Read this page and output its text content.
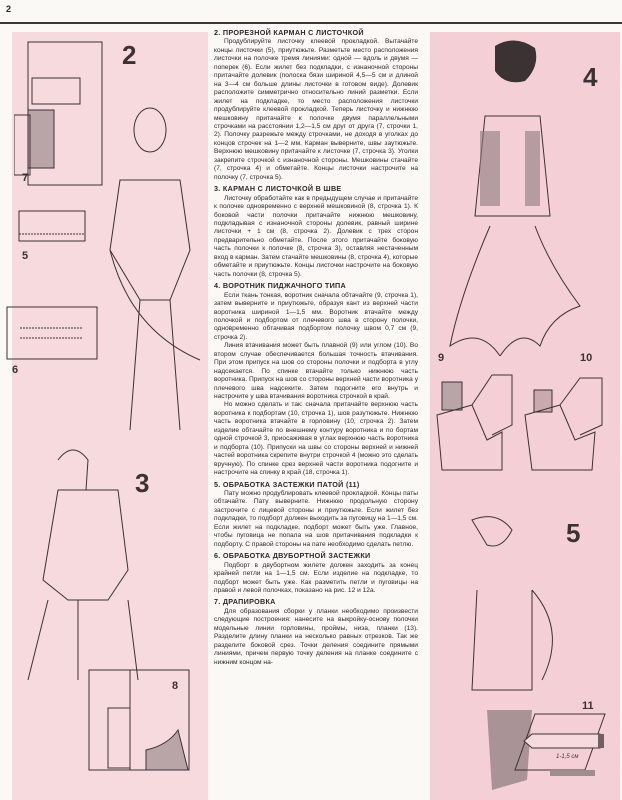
2
2
7
5
6
3
8
2. ПРОРЕЗНОЙ КАРМАН С ЛИСТОЧКОЙ

Продублируйте листочку клеевой прокладкой. Вытачайте концы листочки (5), приутюжьте. Разметьте место расположения листочки на полочке тремя линиями: одной — вдоль и двумя — поперек (6). Если жилет без подкладки, с изнаночной стороны притачайте долевик (полоска бязи шириной 4,5—5 см и длиной на 3—4 см больше длины листочки в готовом виде). Долевик расположите симметрично относительно линий разметки. Если жилет на подкладке, то место расположения листочки продублируйте клеевой прокладкой. Теперь листочку и нижнюю мешковину притачайте к полочке двумя параллельными строчками на расстоянии 1,2—1,5 см друг от друга (7, строчки 1, 2). Полочку разрежьте между строчками, не доходя в уголках до концов строчек на 1—2 мм. Карман выверните, швы заутюжьте. Верхнюю мешковину притачайте к листочке (7, строчка 3). Уголки закрепите строчкой с изнаночной стороны. Мешковины стачайте (7, строчка 4) и обметайте. Концы листочки настрочите на полочку (7, строчка 5).

3. КАРМАН С ЛИСТОЧКОЙ В ШВЕ

Листочку обработайте как в предыдущем случае и притачайте к полочке одновременно с верхней мешковиной (8, строчка 1). К боковой части полочки притачайте нижнюю мешковину, подкладывая с изнаночной стороны долевик, равный ширине листочки + 1 см (8, строчка 2). Долевик с трех сторон предварительно обметайте. После этого притачайте боковую часть полочки к полочке (8, строчка 3), оставляя нестаченным вход в карман. Затем стачайте мешковины (8, строчка 4), которые обметайте и приутюжьте. Концы листочки настрочите на боковую часть полочки (8, строчка 5).

4. ВОРОТНИК ПИДЖАЧНОГО ТИПА

Если ткань тонкая, воротник сначала обтачайте (9, строчка 1), затем выверните и приутюжьте, образуя кант из верхней части воротника шириной 1—1,5 мм. Воротник втачайте между полочкой и подбортом от плечевого шва в сторону полочки, одновременно обтачивая подбортом полочку швом 0,7 см (9, строчка 2).

Линия втачивания может быть плавной (9) или углом (10). Во втором случае обеспечивается большая точность втачивания. При этом припуск на шов со стороны полочки и подборта в углу надсекается. По спинке втачайте только нижнюю часть воротника. Припуск на шов со стороны верхней части воротника у плечевого шва надсеките. Затем подогните его внутрь и настрочите у шва втачивания воротника строчкой в край.

Но можно сделать и так: сначала притачайте верхнюю часть воротника к подбортам (10, строчка 1), шов разутюжьте. Нижнюю часть воротника втачайте в горловину (10, строчка 2). Затем изделие обтачайте по внешнему контуру воротника и по бортам одной строчкой 3, приосаживая в углах верхнюю часть воротника и подборта (10). Припуски на швы со стороны верхней и нижней частей воротника скрепите внутри строчкой 4 (можно это сделать вручную). По спинке срез верхней части воротника подогните и настрочите на спинку в край (18, строчка 1).

5. ОБРАБОТКА ЗАСТЕЖКИ ПАТОЙ (11)

Пату можно продублировать клеевой прокладкой. Концы паты обтачайте. Пату выверните. Нижнюю продольную сторону застрочите с лицевой стороны и приутюжьте. Если жилет без подкладки, то подборт должен выходить за пуговицу на 1—1,5 см. Если жилет на подкладке, подборт может быть уже. Главное, чтобы пуговица не попала на шов притачивания подкладки к подборту. С правой стороны на пате необходимо сделать петлю.

6. ОБРАБОТКА ДВУБОРТНОЙ ЗАСТЕЖКИ

Подборт в двубортном жилете должен заходить за конец крайней петли на 1—1,5 см. Если изделие на подкладке, то подборт может быть уже. Как разметить петли и пуговицы на правой и левой полочках, показано на рис. 12 и 12а.

7. ДРАПИРОВКА

Для образования сборки у планки необходимо произвести следующие построения: нанесите на выкройку-основу полочки модельные линии горловины, проймы, низа, планки (13). Разделите длину планки на несколько равных отрезков. Так же разделите боковой срез. Точки деления соедините прямыми линиями, причем первую точку деления на планке соедините с нижним концом на-

4
9	10
5
11
1-1,5 см
